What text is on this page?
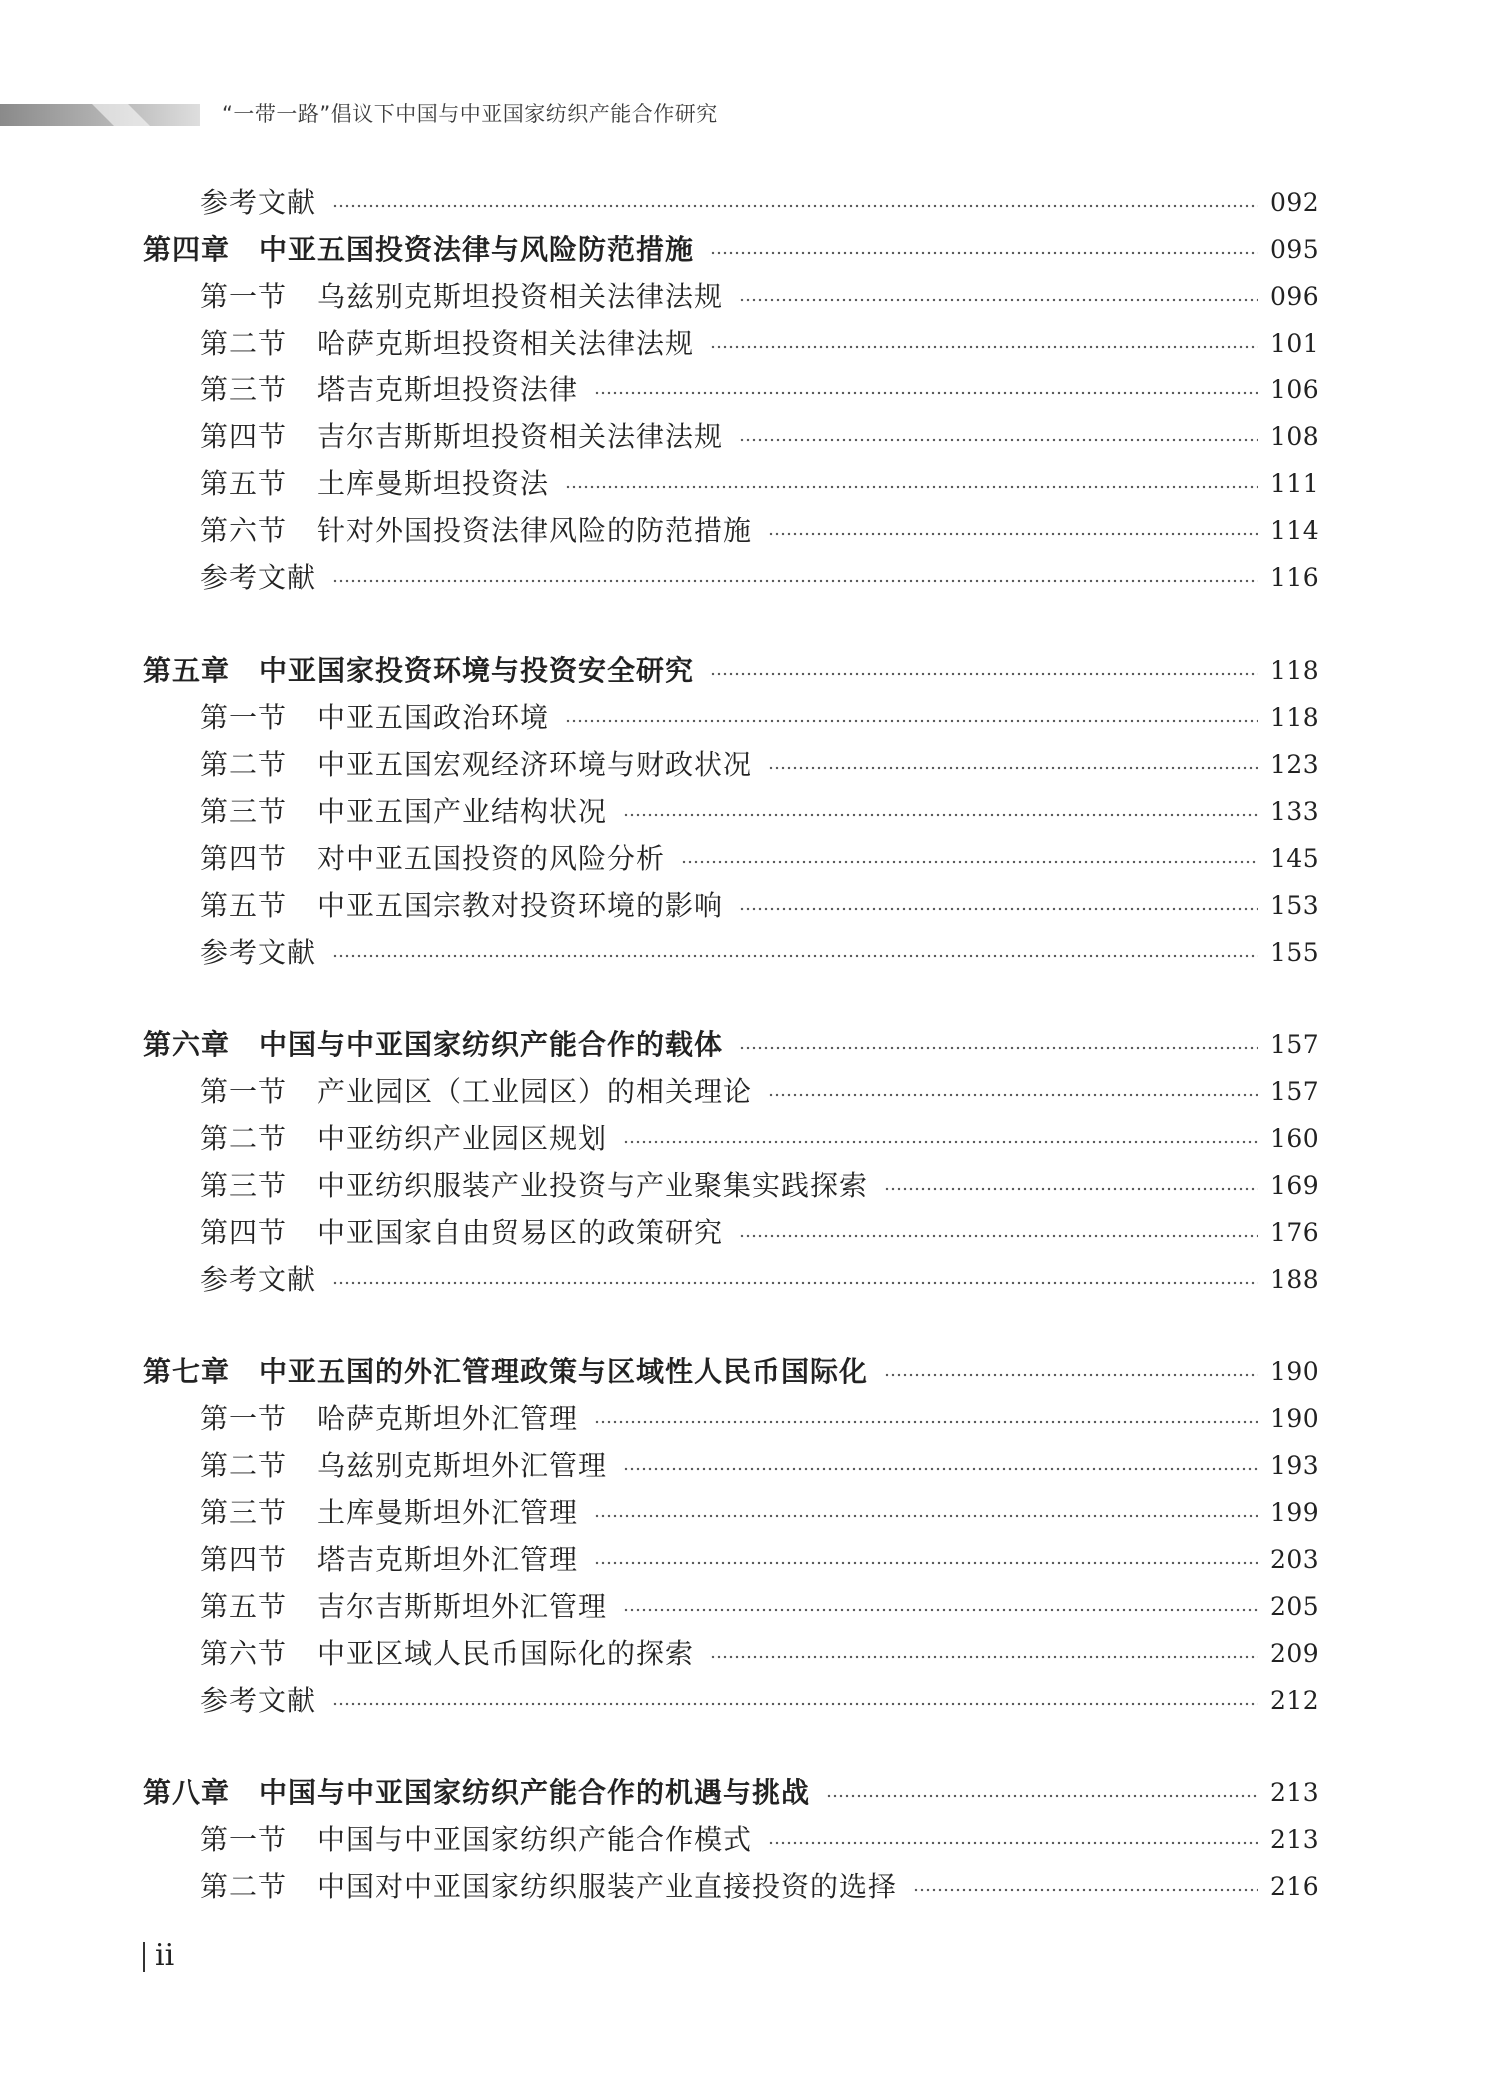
“一带一路”倡议下中国与中亚国家纺织产能合作研究
参考文献	092
第四章	中亚五国投资法律与风险防范措施	095
第一节	乌兹别克斯坦投资相关法律法规	096
第二节	哈萨克斯坦投资相关法律法规	101
第三节	塔吉克斯坦投资法律	106
第四节	吉尔吉斯斯坦投资相关法律法规	108
第五节	土库曼斯坦投资法	111
第六节	针对外国投资法律风险的防范措施	114
参考文献	116
第五章	中亚国家投资环境与投资安全研究	118
第一节	中亚五国政治环境	118
第二节	中亚五国宏观经济环境与财政状况	123
第三节	中亚五国产业结构状况	133
第四节	对中亚五国投资的风险分析	145
第五节	中亚五国宗教对投资环境的影响	153
参考文献	155
第六章	中国与中亚国家纺织产能合作的载体	157
第一节	产业园区（工业园区）的相关理论	157
第二节	中亚纺织产业园区规划	160
第三节	中亚纺织服装产业投资与产业聚集实践探索	169
第四节	中亚国家自由贸易区的政策研究	176
参考文献	188
第七章	中亚五国的外汇管理政策与区域性人民币国际化	190
第一节	哈萨克斯坦外汇管理	190
第二节	乌兹别克斯坦外汇管理	193
第三节	土库曼斯坦外汇管理	199
第四节	塔吉克斯坦外汇管理	203
第五节	吉尔吉斯斯坦外汇管理	205
第六节	中亚区域人民币国际化的探索	209
参考文献	212
第八章	中国与中亚国家纺织产能合作的机遇与挑战	213
第一节	中国与中亚国家纺织产能合作模式	213
第二节	中国对中亚国家纺织服装产业直接投资的选择	216
ii
